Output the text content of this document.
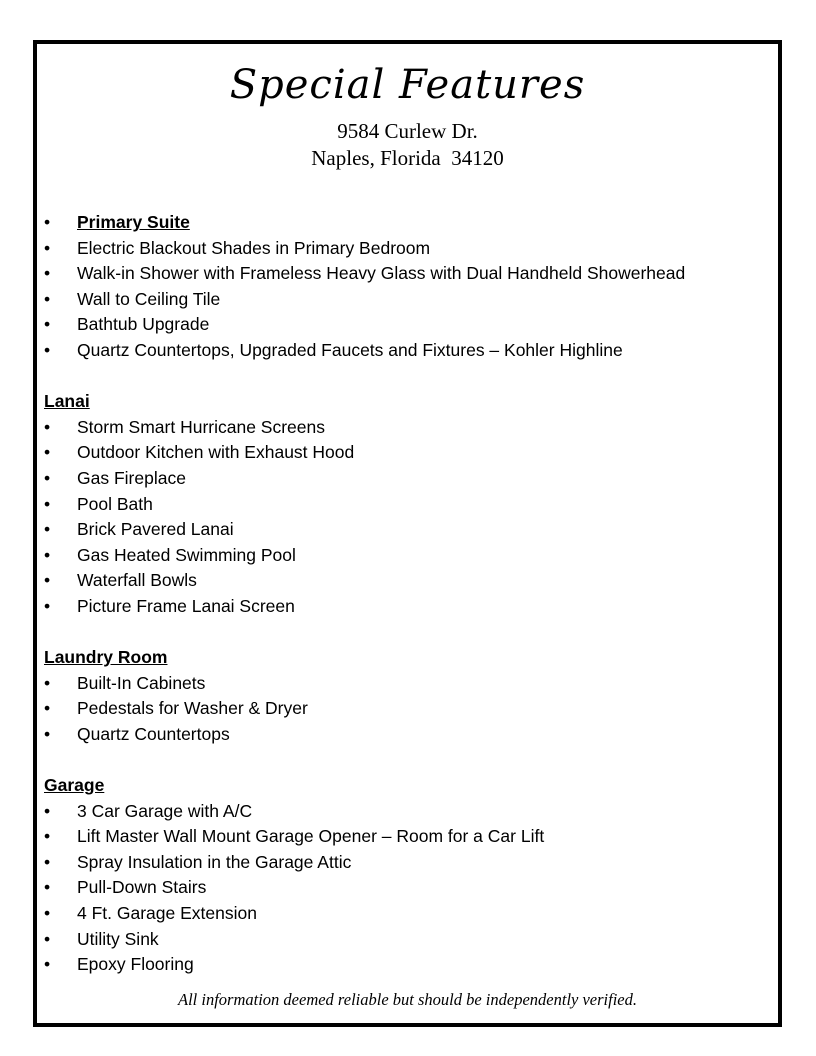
Special Features
9584 Curlew Dr.
Naples, Florida  34120
•	Primary Suite
•	Electric Blackout Shades in Primary Bedroom
•	Walk-in Shower with Frameless Heavy Glass with Dual Handheld Showerhead
•	Wall to Ceiling Tile
•	Bathtub Upgrade
•	Quartz Countertops, Upgraded Faucets and Fixtures – Kohler Highline
Lanai
•	Storm Smart Hurricane Screens
•	Outdoor Kitchen with Exhaust Hood
•	Gas Fireplace
•	Pool Bath
•	Brick Pavered Lanai
•	Gas Heated Swimming Pool
•	Waterfall Bowls
•	Picture Frame Lanai Screen
Laundry Room
•	Built-In Cabinets
•	Pedestals for Washer & Dryer
•	Quartz Countertops
Garage
•	3 Car Garage with A/C
•	Lift Master Wall Mount Garage Opener – Room for a Car Lift
•	Spray Insulation in the Garage Attic
•	Pull-Down Stairs
•	4 Ft. Garage Extension
•	Utility Sink
•	Epoxy Flooring
All information deemed reliable but should be independently verified.
